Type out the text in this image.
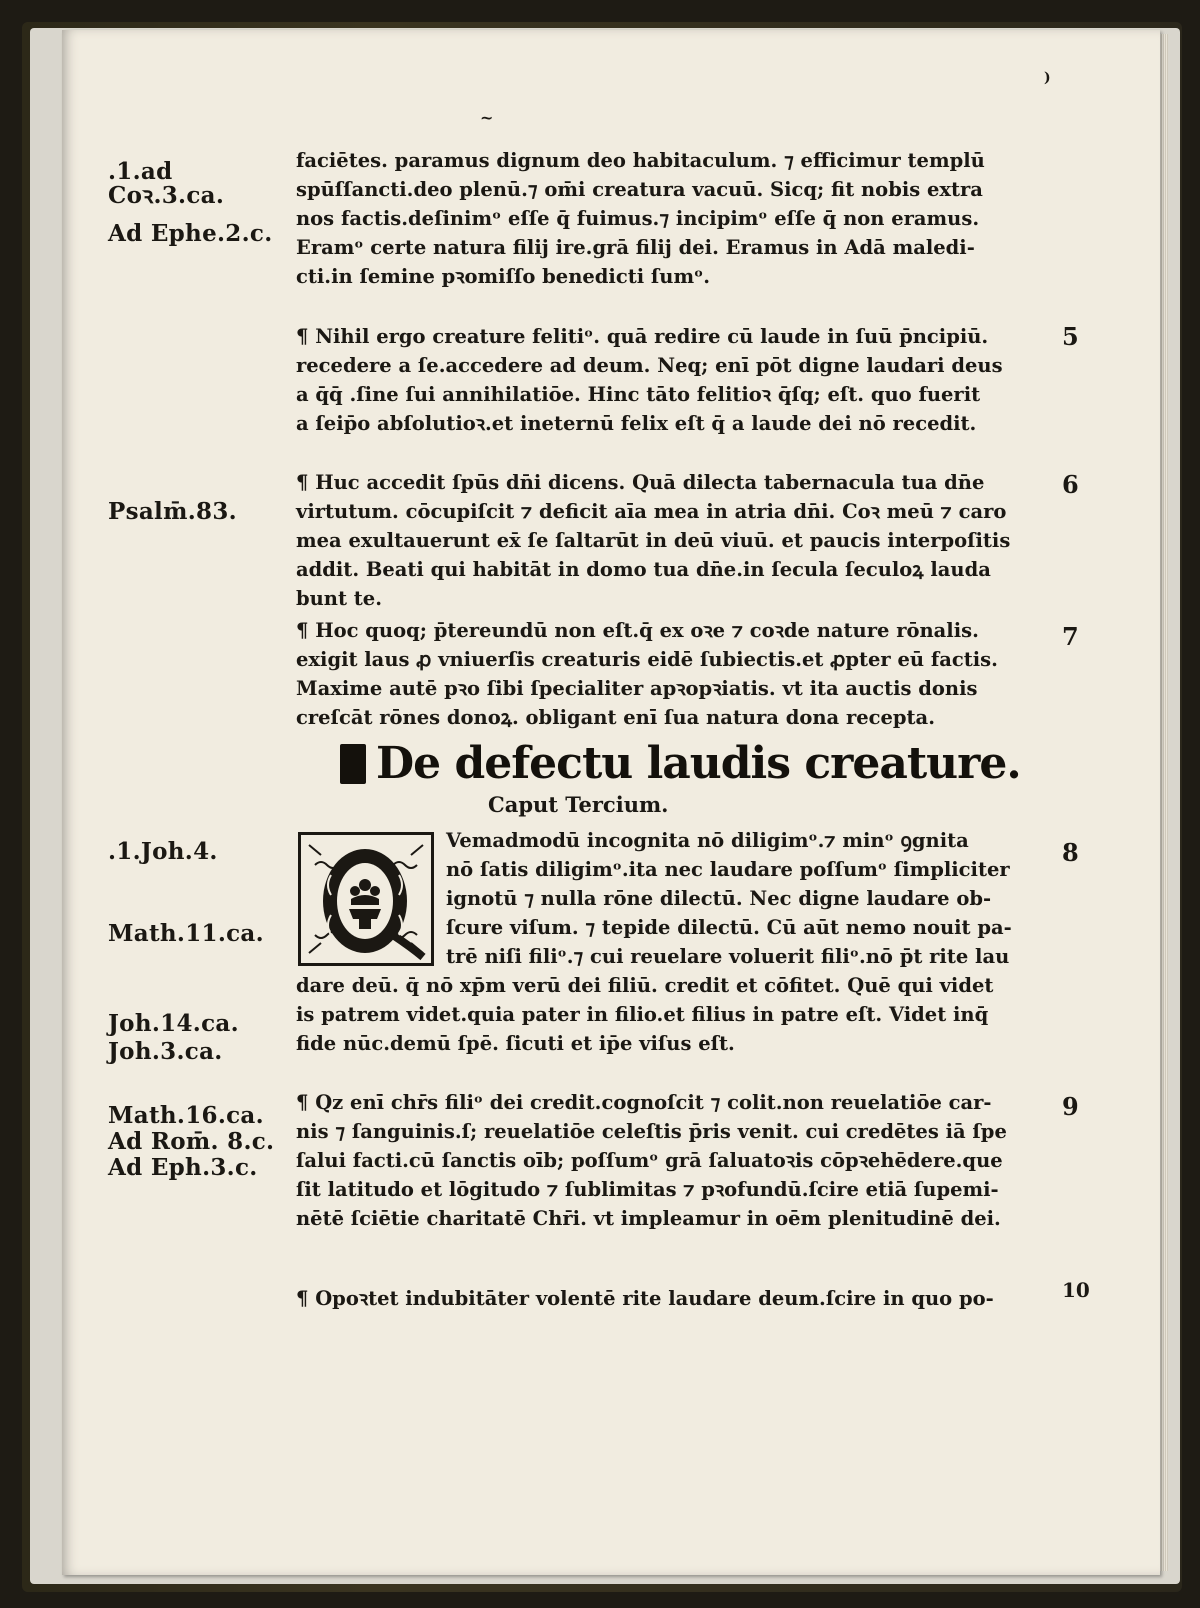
.1.ad Coꝛ.3.ca.
Ad Ephe.2.c.
Psalm̄.83.
.1.Joh.4.
Math.11.ca.
Joh.14.ca.
Joh.3.ca.
Math.16.ca.
Ad Rom̄. 8.c.
Ad Eph.3.c.
faciētes. paramus dignum deo habitaculum. ⁊ efficimur templū
spūſſancti.deo plenū.⁊ om̄i creatura vacuū. Sicq; fit nobis extra
nos factis.deſinimᵒ eſſe q̄ fuimus.⁊ incipimᵒ eſſe q̄ non eramus.
Eramᵒ certe natura filij ire.grā filij dei. Eramus in Adā maledi-
cti.in ſemine pꝛomiſſo benedicti ſumᵒ.
5
¶ Nihil ergo creature felitiᵒ. quā redire cū laude in ſuū p̄ncipiū.
recedere a ſe.accedere ad deum. Neq; enī pōt digne laudari deus
a q̄q̄ .ſine ſui annihilatiōe. Hinc tāto felitioꝛ q̄ſq; eſt. quo fuerit
a ſeip̄o abſolutioꝛ.et ineternū felix eſt q̄ a laude dei nō recedit.
6
¶ Huc accedit ſpūs dn̄i dicens. Quā dilecta tabernacula tua dn̄e
virtutum. cōcupiſcit ⁊ deficit aīa mea in atria dn̄i. Coꝛ meū ⁊ caro
mea exultauerunt ex̄ ſe ſaltarūt in deū viuū. et paucis interpoſitis
addit. Beati qui habitāt in domo tua dn̄e.in ſecula ſeculoꝝ lauda
bunt te.
7
¶ Hoc quoq; p̄tereundū non eſt.q̄ ex oꝛe ⁊ coꝛde nature rōnalis.
exigit laus ꝓ vniuerſis creaturis eidē ſubiectis.et ꝓpter eū factis.
Maxime autē pꝛo ſibi ſpecialiter apꝛopꝛiatis. vt ita auctis donis
creſcāt rōnes donoꝝ. obligant enī ſua natura dona recepta.
De defectu laudis creature.
Caput Tercium.
8
Vemadmodū incognita nō diligimᵒ.⁊ minᵒ ꝯgnita
nō ſatis diligimᵒ.ita nec laudare poſſumᵒ ſimpliciter
ignotū ⁊ nulla rōne dilectū. Nec digne laudare ob-
ſcure viſum. ⁊ tepide dilectū. Cū aūt nemo nouit pa-
trē niſi filiᵒ.⁊ cui reuelare voluerit filiᵒ.nō p̄t rite lau
dare deū. q̄ nō xp̄m verū dei filiū. credit et cōfitet. Quē qui videt
is patrem videt.quia pater in filio.et filius in patre eſt. Videt inq̄
fide nūc.demū ſpē. ſicuti et ip̄e viſus eſt.
9
¶ Qz enī chr̄s filiᵒ dei credit.cognoſcit ⁊ colit.non reuelatiōe car-
nis ⁊ ſanguinis.ſ; reuelatiōe celeſtis p̄ris venit. cui credētes iā ſpe
ſalui facti.cū ſanctis oīb; poſſumᵒ grā ſaluatoꝛis cōpꝛehēdere.que
ſit latitudo et lōgitudo ⁊ ſublimitas ⁊ pꝛofundū.ſcire etiā ſupemi-
nētē ſciētie charitatē Chr̄i. vt impleamur in oēm plenitudinē dei.
10
¶ Opoꝛtet indubitāter volentē rite laudare deum.ſcire in quo po-
~
)
